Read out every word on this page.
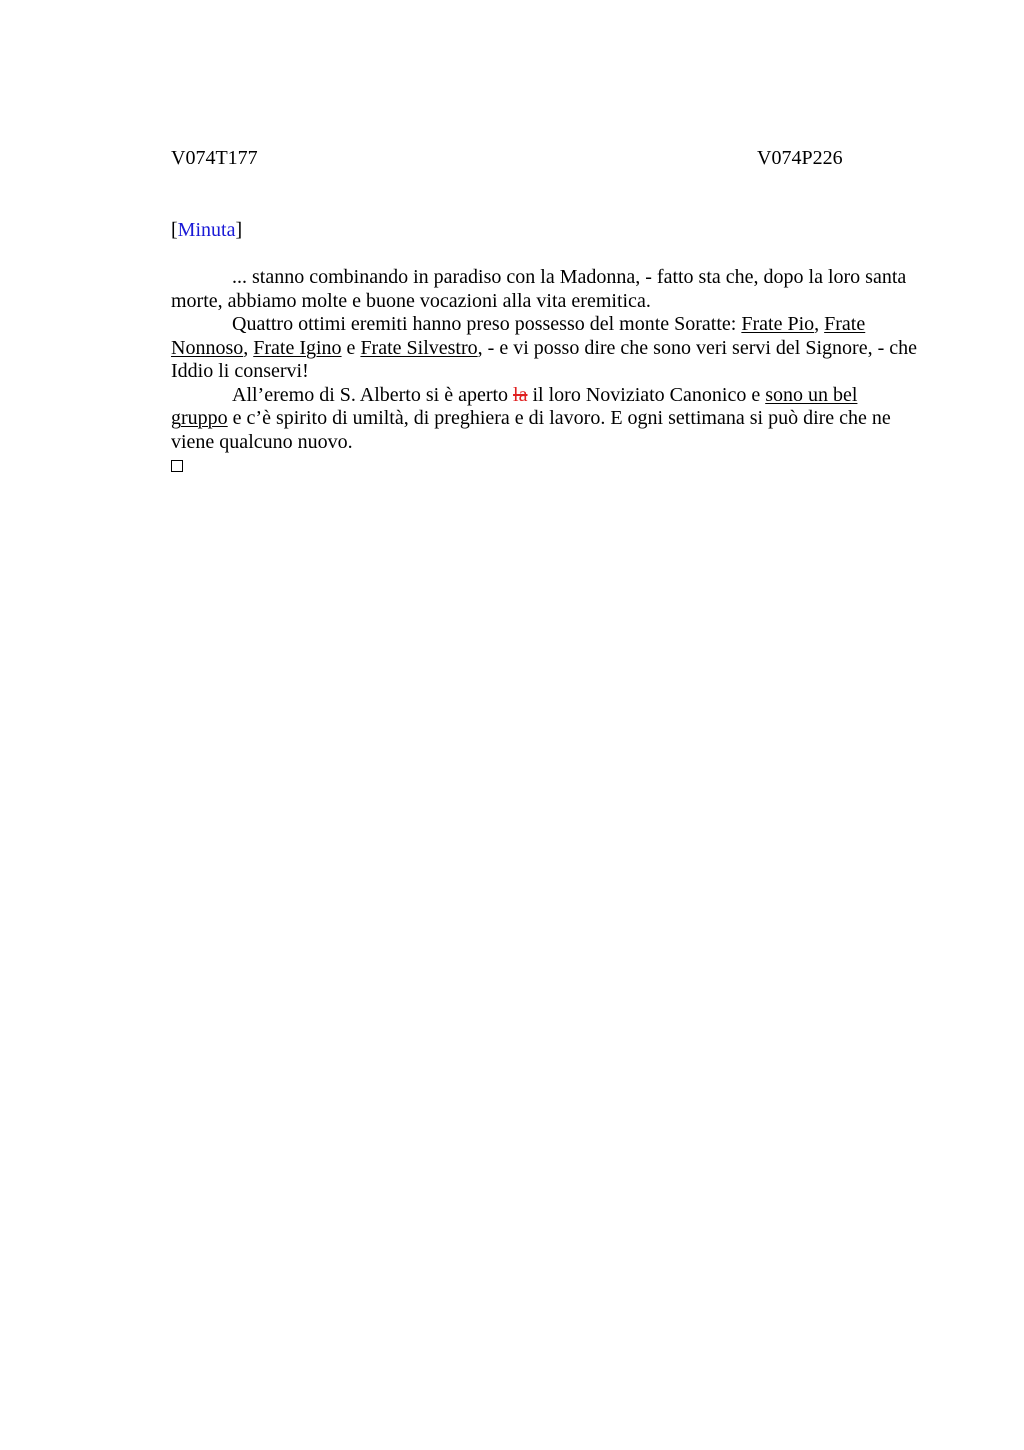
V074T177	V074P226
[Minuta]

... stanno combinando in paradiso con la Madonna, - fatto sta che, dopo la loro santa morte, abbiamo molte e buone vocazioni alla vita eremitica.

Quattro ottimi eremiti hanno preso possesso del monte Soratte: Frate Pio, Frate Nonnoso, Frate Igino e Frate Silvestro, - e vi posso dire che sono veri servi del Signore, - che Iddio li conservi!

All’eremo di S. Alberto si è aperto la il loro Noviziato Canonico e sono un bel gruppo e c’è spirito di umiltà, di preghiera e di lavoro. E ogni settimana si può dire che ne viene qualcuno nuovo.
